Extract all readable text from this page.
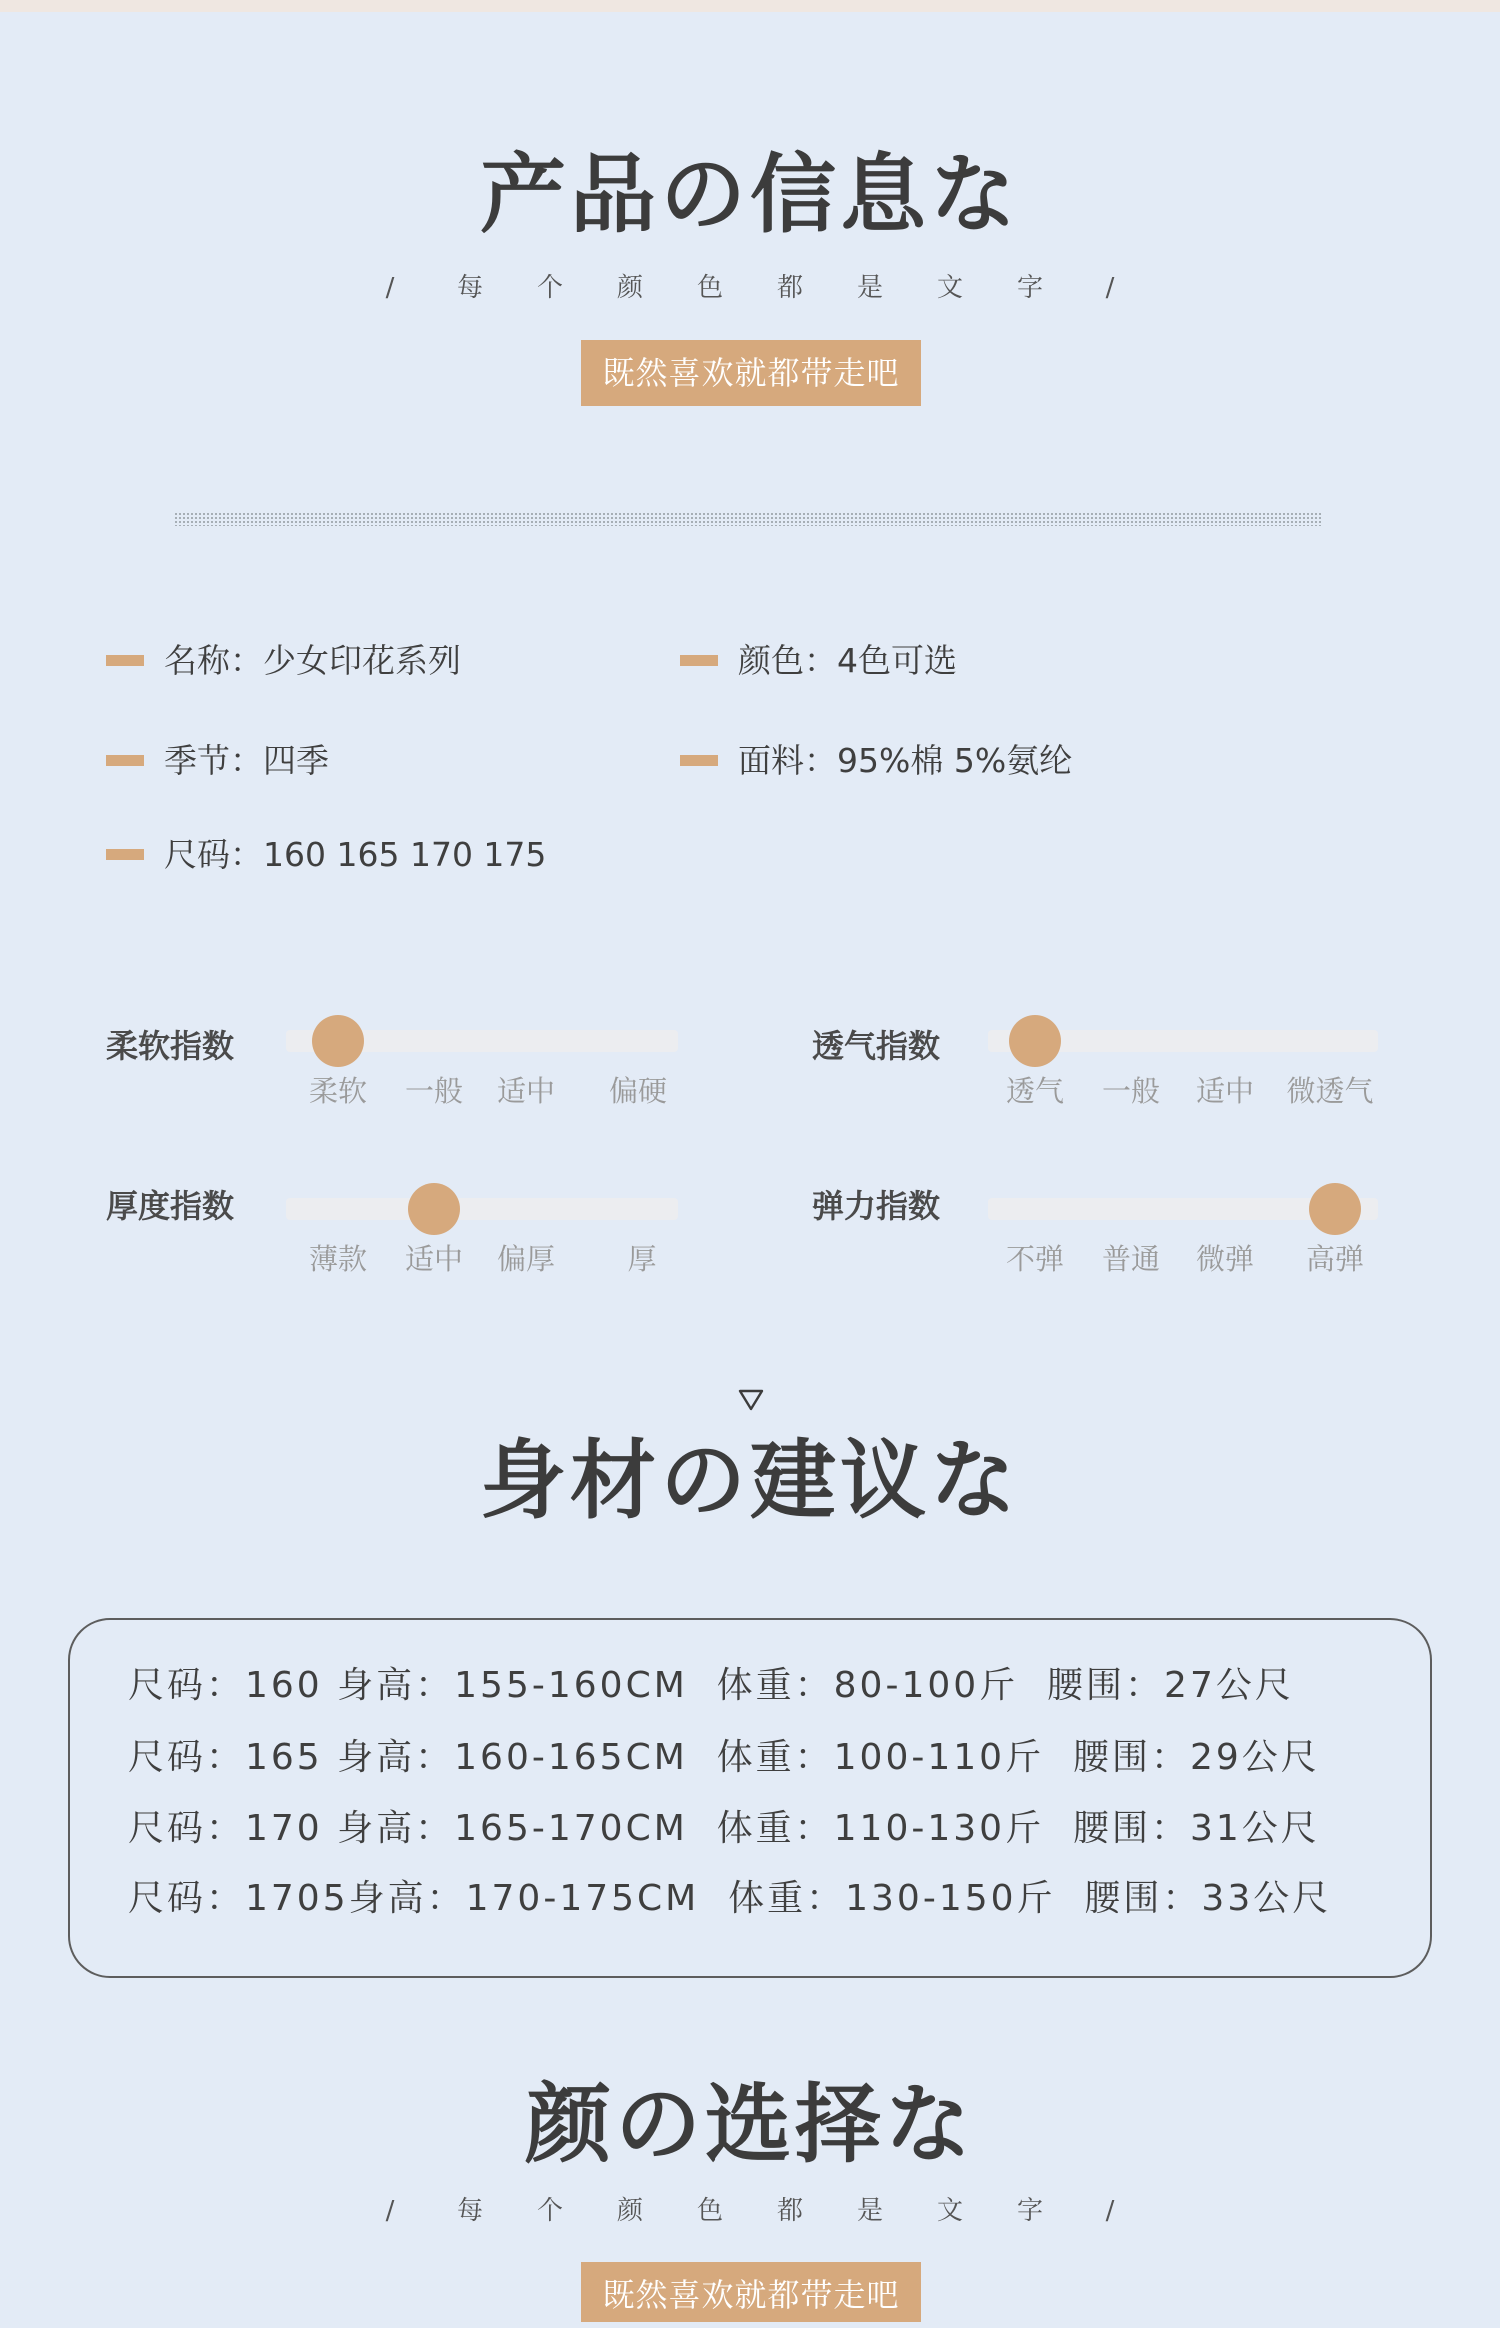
产品の信息な
/	每 个 颜 色 都 是 文 字	/
既然喜欢就都带走吧
名称：少女印花系列	颜色：4色可选
季节：四季	面料：95%棉 5%氨纶
尺码：160 165 170 175
柔软指数
柔软 一般 适中 偏硬
透气指数
透气 一般 适中 微透气
厚度指数
薄款 适中 偏厚 厚
弹力指数
不弹 普通 微弹 高弹
身材の建议な
尺码：160 身高：155-160CM  体重：80-100斤  腰围：27公尺
尺码：165 身高：160-165CM  体重：100-110斤  腰围：29公尺
尺码：170 身高：165-170CM  体重：110-130斤  腰围：31公尺
尺码：1705身高：170-175CM  体重：130-150斤  腰围：33公尺
颜の选择な
/	每 个 颜 色 都 是 文 字	/
既然喜欢就都带走吧
